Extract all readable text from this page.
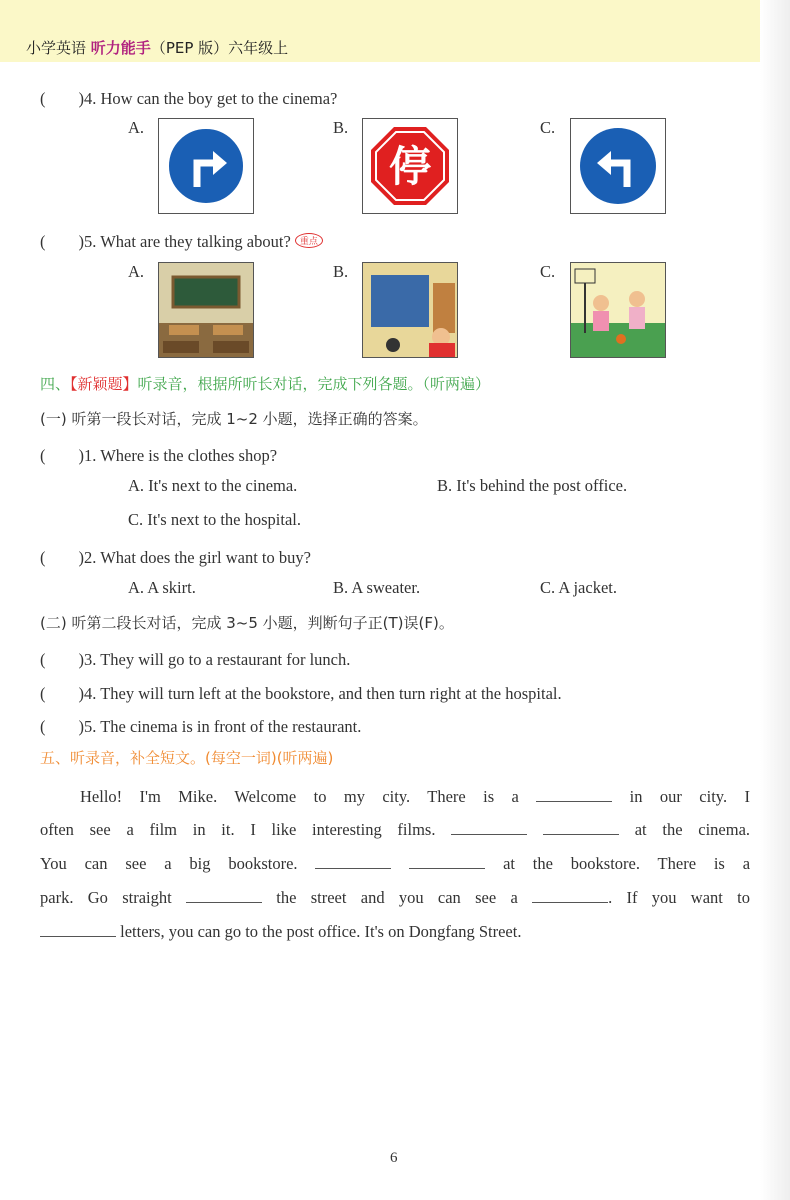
小学英语 听力能手（PEP 版）六年级上
(　　)4. How can the boy get to the cinema?
A.	B.	C.
停
(　　)5. What are they talking about? 重点
A.	B.	C.
四、【新颖题】听录音，根据所听长对话，完成下列各题。（听两遍）
(一) 听第一段长对话，完成 1~2 小题，选择正确的答案。
(　　)1. Where is the clothes shop?
A. It's next to the cinema.	B. It's behind the post office.
C. It's next to the hospital.
(　　)2. What does the girl want to buy?
A. A skirt.	B. A sweater.	C. A jacket.
(二) 听第二段长对话，完成 3~5 小题，判断句子正(T)误(F)。
(　　)3. They will go to a restaurant for lunch.
(　　)4. They will turn left at the bookstore, and then turn right at the hospital.
(　　)5. The cinema is in front of the restaurant.
五、听录音，补全短文。(每空一词)(听两遍)
Hello! I'm Mike. Welcome to my city. There is a	in our city. I
often see a film in it. I like interesting films.	at the cinema.
You can see a big bookstore.	at the bookstore. There is a
park. Go straight	the street and you can see a	. If you want to
letters, you can go to the post office. It's on Dongfang Street.
6
